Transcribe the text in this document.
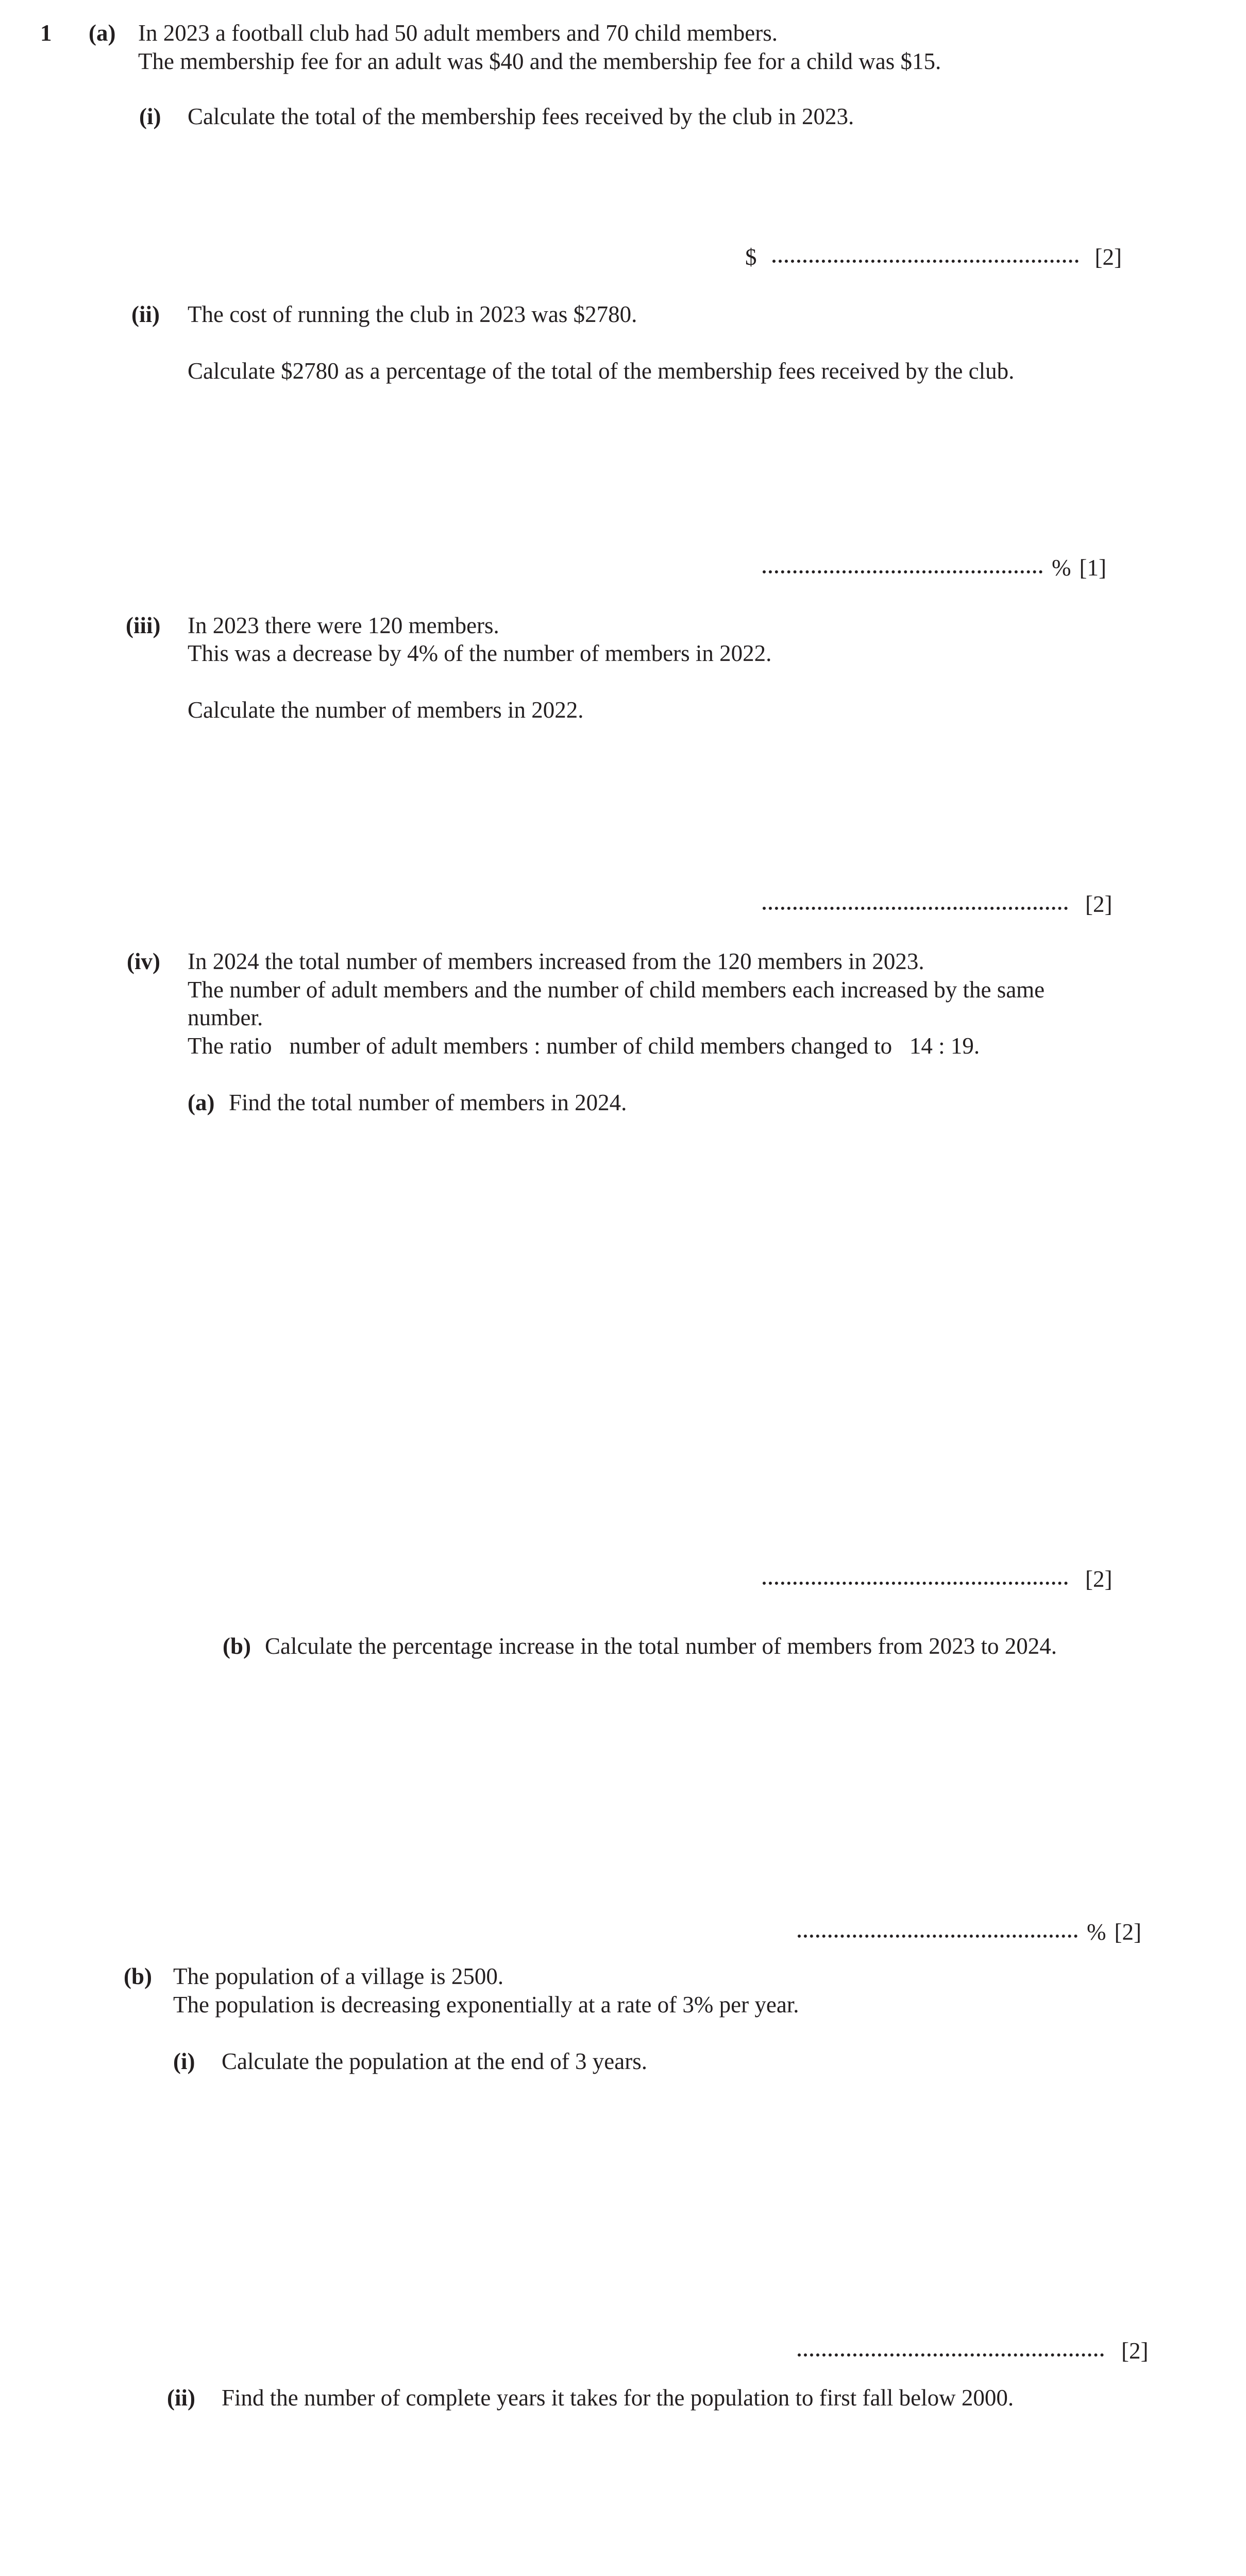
1 (a) In 2023 a football club had 50 adult members and 70 child members.
The membership fee for an adult was $40 and the membership fee for a child was $15.
(i) Calculate the total of the membership fees received by the club in 2023.
$	[2]
(ii) The cost of running the club in 2023 was $2780.
Calculate $2780 as a percentage of the total of the membership fees received by the club.
% [1]
(iii) In 2023 there were 120 members.
This was a decrease by 4% of the number of members in 2022.
Calculate the number of members in 2022.
[2]
(iv) In 2024 the total number of members increased from the 120 members in 2023.
The number of adult members and the number of child members each increased by the same
number.
The ratio   number of adult members : number of child members changed to   14 : 19.
(a) Find the total number of members in 2024.
[2]
(b) Calculate the percentage increase in the total number of members from 2023 to 2024.
% [2]
(b) The population of a village is 2500.
The population is decreasing exponentially at a rate of 3% per year.
(i) Calculate the population at the end of 3 years.
[2]
(ii) Find the number of complete years it takes for the population to first fall below 2000.
